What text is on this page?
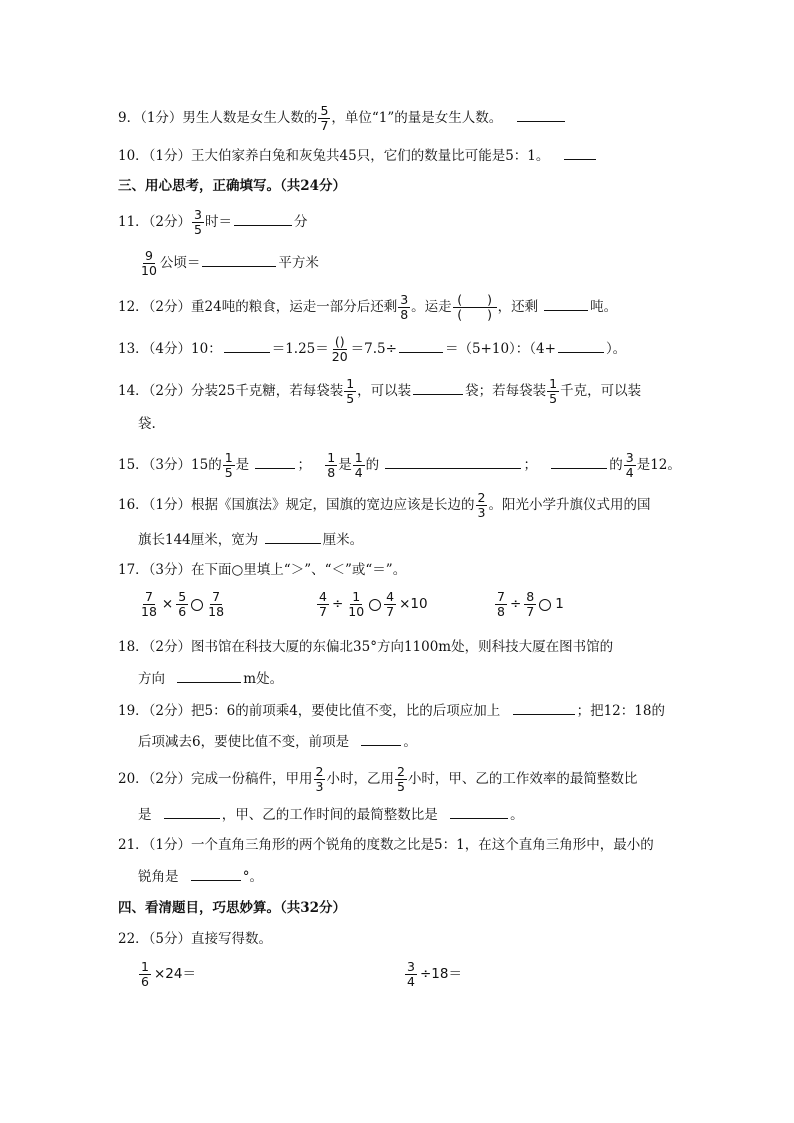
9．（1分）男生人数是女生人数的 $\frac{5}{7}$ ，单位“1”的量是女生人数。
10．（1分）王大伯家养白兔和灰兔共45只，它们的数量比可能是5：1。
三、用心思考，正确填写。（共24分）
11．（2分） $\frac{3}{5}$ 时＝	分
$\frac{9}{10}$ 公顷＝	平方米
12．（2分）重24吨的粮食，运走一部分后还剩 $\frac{3}{8}$ 。运走 $\frac{( )}{( )}$ ，还剩	吨。
13．（4分）10：	$=1.25= \frac{()}{20} =7.5\div$	＝（5+10）：（4+	）。
14．（2分）分装25千克糖，若每袋装 $\frac{1}{5}$ ，可以装	袋；若每袋装 $\frac{1}{5}$ 千克，可以装
袋.
15．（3分）15的 $\frac{1}{5}$ 是	； $\frac{1}{8}$ 是 $\frac{1}{4}$ 的	；	的 $\frac{3}{4}$ 是12。
16．（1分）根据《国旗法》规定，国旗的宽边应该是长边的 $\frac{2}{3}$ 。阳光小学升旗仪式用的国
旗长144厘米，宽为	厘米。
17．（3分）在下面○里填上“＞”、“＜”或“＝”。
$\frac{7}{18} \times \frac{5}{6} \frac{7}{18}$	$\frac{4}{7} \div \frac{1}{10} \frac{4}{7} \times 10$	$\frac{7}{8} \div \frac{8}{7} 1$
18．（2分）图书馆在科技大厦的东偏北35°方向1100m处，则科技大厦在图书馆的
方向	m处。
19．（2分）把5：6的前项乘4，要使比值不变，比的后项应加上	；把12：18的
后项减去6，要使比值不变，前项是	。
20．（2分）完成一份稿件，甲用 $\frac{2}{3}$ 小时，乙用 $\frac{2}{5}$ 小时，甲、乙的工作效率的最简整数比
是	，甲、乙的工作时间的最简整数比是	。
21．（1分）一个直角三角形的两个锐角的度数之比是5：1，在这个直角三角形中，最小的
锐角是	°。
四、看清题目，巧思妙算。（共32分）
22．（5分）直接写得数。
$\frac{1}{6} \times 24=$	$\frac{3}{4} \div 18=$
